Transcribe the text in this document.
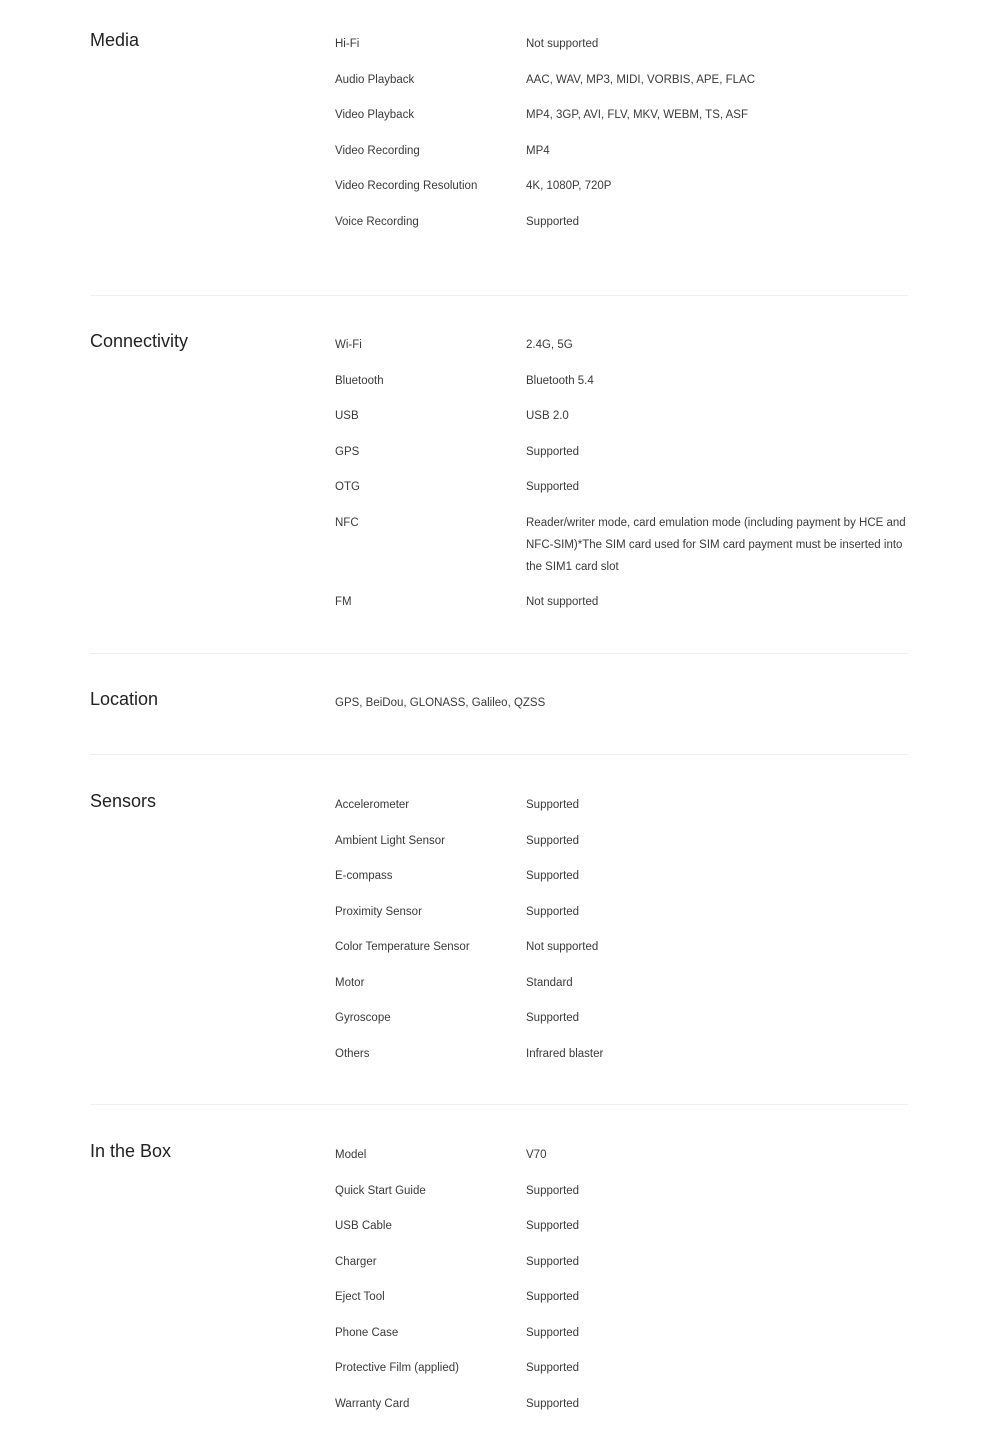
Media	Hi-Fi	Not supported
Audio Playback	AAC, WAV, MP3, MIDI, VORBIS, APE, FLAC
Video Playback	MP4, 3GP, AVI, FLV, MKV, WEBM, TS, ASF
Video Recording	MP4
Video Recording Resolution	4K, 1080P, 720P
Voice Recording	Supported
Connectivity	Wi-Fi	2.4G, 5G
Bluetooth	Bluetooth 5.4
USB	USB 2.0
GPS	Supported
OTG	Supported
NFC	Reader/writer mode, card emulation mode (including payment by HCE and NFC-SIM)*The SIM card used for SIM card payment must be inserted into the SIM1 card slot
FM	Not supported
Location	GPS, BeiDou, GLONASS, Galileo, QZSS
Sensors	Accelerometer	Supported
Ambient Light Sensor	Supported
E-compass	Supported
Proximity Sensor	Supported
Color Temperature Sensor	Not supported
Motor	Standard
Gyroscope	Supported
Others	Infrared blaster
In the Box	Model	V70
Quick Start Guide	Supported
USB Cable	Supported
Charger	Supported
Eject Tool	Supported
Phone Case	Supported
Protective Film (applied)	Supported
Warranty Card	Supported
